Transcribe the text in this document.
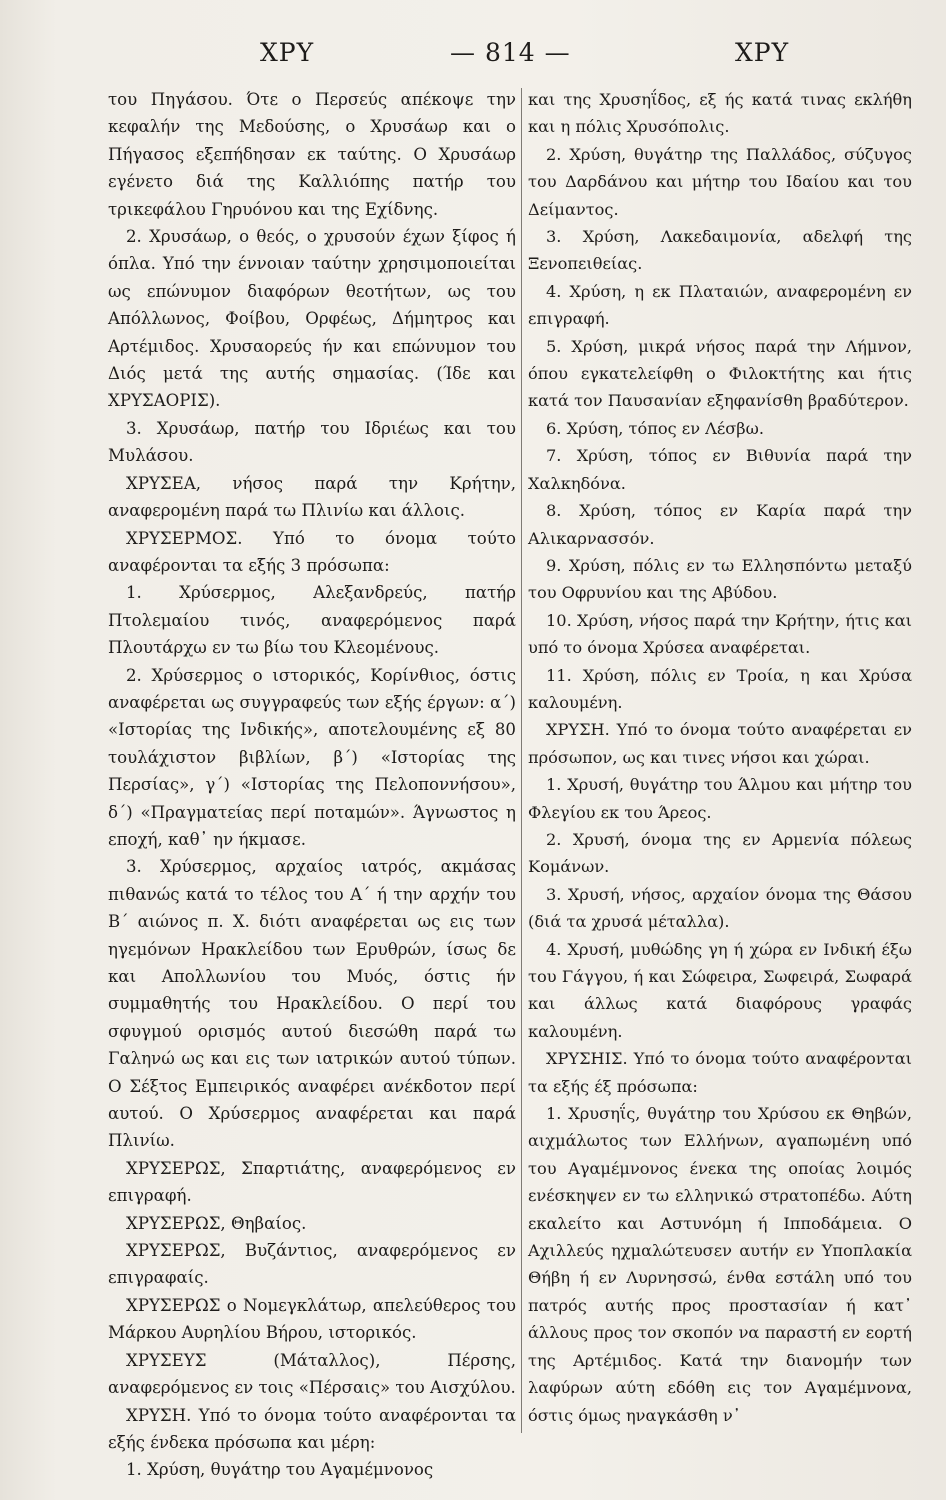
ΧΡΥ	— 814 —	ΧΡΥ

του Πηγάσου. Ότε ο Περσεύς απέκοψε την κεφαλήν της Μεδούσης, ο Χρυσάωρ και ο Πήγασος εξεπήδησαν εκ ταύτης. Ο Χρυσάωρ εγένετο διά της Καλλιόπης πατήρ του τρικεφάλου Γηρυόνου και της Εχίδνης.

2. Χρυσάωρ, ο θεός, ο χρυσούν έχων ξίφος ή όπλα. Υπό την έννοιαν ταύτην χρησιμοποιείται ως επώνυμον διαφόρων θεοτήτων, ως του Απόλλωνος, Φοίβου, Ορφέως, Δήμητρος και Αρτέμιδος. Χρυσαορεύς ήν και επώνυμον του Διός μετά της αυτής σημασίας. (Ίδε και ΧΡΥΣΑΟΡΙΣ).

3. Χρυσάωρ, πατήρ του Ιδριέως και του Μυλάσου.

ΧΡΥΣΕΑ, νήσος παρά την Κρήτην, αναφερομένη παρά τω Πλινίω και άλλοις.

ΧΡΥΣΕΡΜΟΣ. Υπό το όνομα τούτο αναφέρονται τα εξής 3 πρόσωπα:

1. Χρύσερμος, Αλεξανδρεύς, πατήρ Πτολεμαίου τινός, αναφερόμενος παρά Πλουτάρχω εν τω βίω του Κλεομένους.

2. Χρύσερμος ο ιστορικός, Κορίνθιος, όστις αναφέρεται ως συγγραφεύς των εξής έργων: α΄) «Ιστορίας της Ινδικής», αποτελουμένης εξ 80 τουλάχιστον βιβλίων, β΄) «Ιστορίας της Περσίας», γ΄) «Ιστορίας της Πελοποννήσου», δ΄) «Πραγματείας περί ποταμών». Άγνωστος η εποχή, καθ᾽ ην ήκμασε.

3. Χρύσερμος, αρχαίος ιατρός, ακμάσας πιθανώς κατά το τέλος του Α΄ ή την αρχήν του Β΄ αιώνος π. Χ. διότι αναφέρεται ως εις των ηγεμόνων Ηρακλείδου των Ερυθρών, ίσως δε και Απολλωνίου του Μυός, όστις ήν συμμαθητής του Ηρακλείδου. Ο περί του σφυγμού ορισμός αυτού διεσώθη παρά τω Γαληνώ ως και εις των ιατρικών αυτού τύπων. Ο Σέξτος Εμπειρικός αναφέρει ανέκδοτον περί αυτού. Ο Χρύσερμος αναφέρεται και παρά Πλινίω.

ΧΡΥΣΕΡΩΣ, Σπαρτιάτης, αναφερόμενος εν επιγραφή.

ΧΡΥΣΕΡΩΣ, Θηβαίος.

ΧΡΥΣΕΡΩΣ, Βυζάντιος, αναφερόμενος εν επιγραφαίς.

ΧΡΥΣΕΡΩΣ ο Νομεγκλάτωρ, απελεύθερος του Μάρκου Αυρηλίου Βήρου, ιστορικός.

ΧΡΥΣΕΥΣ (Μάταλλος), Πέρσης, αναφερόμενος εν τοις «Πέρσαις» του Αισχύλου.

ΧΡΥΣΗ. Υπό το όνομα τούτο αναφέρονται τα εξής ένδεκα πρόσωπα και μέρη:

1. Χρύση, θυγάτηρ του Αγαμέμνονος

και της Χρυσηΐδος, εξ ής κατά τινας εκλήθη και η πόλις Χρυσόπολις.

2. Χρύση, θυγάτηρ της Παλλάδος, σύζυγος του Δαρδάνου και μήτηρ του Ιδαίου και του Δείμαντος.

3. Χρύση, Λακεδαιμονία, αδελφή της Ξενοπειθείας.

4. Χρύση, η εκ Πλαταιών, αναφερομένη εν επιγραφή.

5. Χρύση, μικρά νήσος παρά την Λήμνον, όπου εγκατελείφθη ο Φιλοκτήτης και ήτις κατά τον Παυσανίαν εξηφανίσθη βραδύτερον.

6. Χρύση, τόπος εν Λέσβω.

7. Χρύση, τόπος εν Βιθυνία παρά την Χαλκηδόνα.

8. Χρύση, τόπος εν Καρία παρά την Αλικαρνασσόν.

9. Χρύση, πόλις εν τω Ελλησπόντω μεταξύ του Οφρυνίου και της Αβύδου.

10. Χρύση, νήσος παρά την Κρήτην, ήτις και υπό το όνομα Χρύσεα αναφέρεται.

11. Χρύση, πόλις εν Τροία, η και Χρύσα καλουμένη.

ΧΡΥΣΗ. Υπό το όνομα τούτο αναφέρεται εν πρόσωπον, ως και τινες νήσοι και χώραι.

1. Χρυσή, θυγάτηρ του Άλμου και μήτηρ του Φλεγίου εκ του Άρεος.

2. Χρυσή, όνομα της εν Αρμενία πόλεως Κομάνων.

3. Χρυσή, νήσος, αρχαίον όνομα της Θάσου (διά τα χρυσά μέταλλα).

4. Χρυσή, μυθώδης γη ή χώρα εν Ινδική έξω του Γάγγου, ή και Σώφειρα, Σωφειρά, Σωφαρά και άλλως κατά διαφόρους γραφάς καλουμένη.

ΧΡΥΣΗΙΣ. Υπό το όνομα τούτο αναφέρονται τα εξής έξ πρόσωπα:

1. Χρυσηΐς, θυγάτηρ του Χρύσου εκ Θηβών, αιχμάλωτος των Ελλήνων, αγαπωμένη υπό του Αγαμέμνονος ένεκα της οποίας λοιμός ενέσκηψεν εν τω ελληνικώ στρατοπέδω. Αύτη εκαλείτο και Αστυνόμη ή Ιπποδάμεια. Ο Αχιλλεύς ηχμαλώτευσεν αυτήν εν Υποπλακία Θήβη ή εν Λυρνησσώ, ένθα εστάλη υπό του πατρός αυτής προς προστασίαν ή κατ᾽ άλλους προς τον σκοπόν να παραστή εν εορτή της Αρτέμιδος. Κατά την διανομήν των λαφύρων αύτη εδόθη εις τον Αγαμέμνονα, όστις όμως ηναγκάσθη ν᾽
